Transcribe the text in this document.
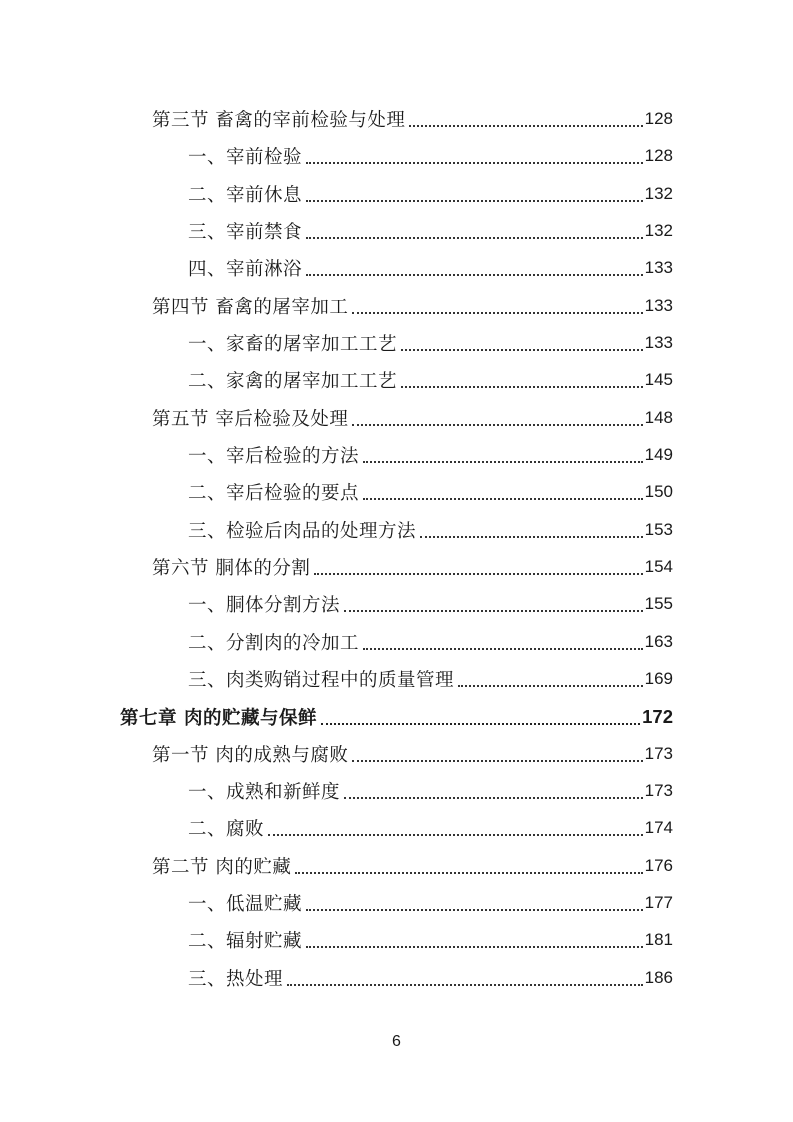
第三节 畜禽的宰前检验与处理	128
一、宰前检验	128
二、宰前休息	132
三、宰前禁食	132
四、宰前淋浴	133
第四节 畜禽的屠宰加工	133
一、家畜的屠宰加工工艺	133
二、家禽的屠宰加工工艺	145
第五节 宰后检验及处理	148
一、宰后检验的方法	149
二、宰后检验的要点	150
三、检验后肉品的处理方法	153
第六节 胴体的分割	154
一、胴体分割方法	155
二、分割肉的冷加工	163
三、肉类购销过程中的质量管理	169
第七章 肉的贮藏与保鲜	172
第一节 肉的成熟与腐败	173
一、成熟和新鲜度	173
二、腐败	174
第二节 肉的贮藏	176
一、低温贮藏	177
二、辐射贮藏	181
三、热处理	186
6
